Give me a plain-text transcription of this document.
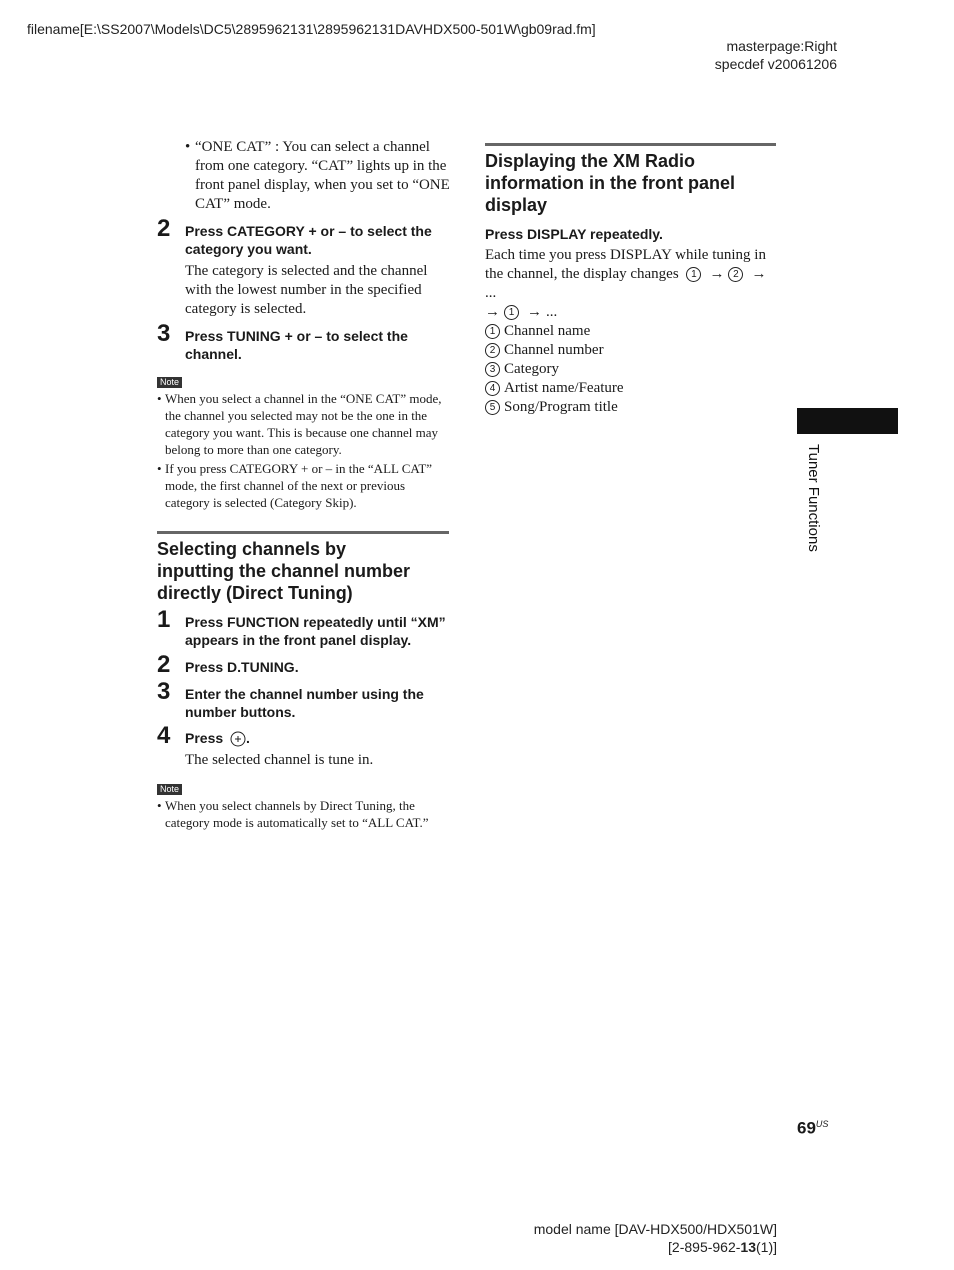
filename[E:\SS2007\Models\DC5\2895962131\2895962131DAVHDX500-501W\gb09rad.fm]
masterpage:Right
specdef v20061206
• “ONE CAT” : You can select a channel
from one category. “CAT” lights up in the
front panel display, when you set to “ONE
CAT” mode.
2 Press CATEGORY + or – to select the
category you want.
The category is selected and the channel
with the lowest number in the specified
category is selected.
3 Press TUNING + or – to select the
channel.
Note
• When you select a channel in the “ONE CAT” mode,
the channel you selected may not be the one in the
category you want. This is because one channel may
belong to more than one category.
• If you press CATEGORY + or – in the “ALL CAT”
mode, the first channel of the next or previous
category is selected (Category Skip).
Selecting channels by
inputting the channel number
directly (Direct Tuning)
1 Press FUNCTION repeatedly until “XM”
appears in the front panel display.
2 Press D.TUNING.
3 Enter the channel number using the
number buttons.
4 Press .
The selected channel is tune in.
Note
• When you select channels by Direct Tuning, the
category mode is automatically set to “ALL CAT.”
Displaying the XM Radio
information in the front panel
display
Press DISPLAY repeatedly.
Each time you press DISPLAY while tuning in
the channel, the display changes 1 → 2 →...
→ 1 → ...
1 Channel name
2 Channel number
3 Category
4 Artist name/Feature
5 Song/Program title
Tuner Functions
$69^{US}$
model name [DAV-HDX500/HDX501W]
[2-895-962-13(1)]
